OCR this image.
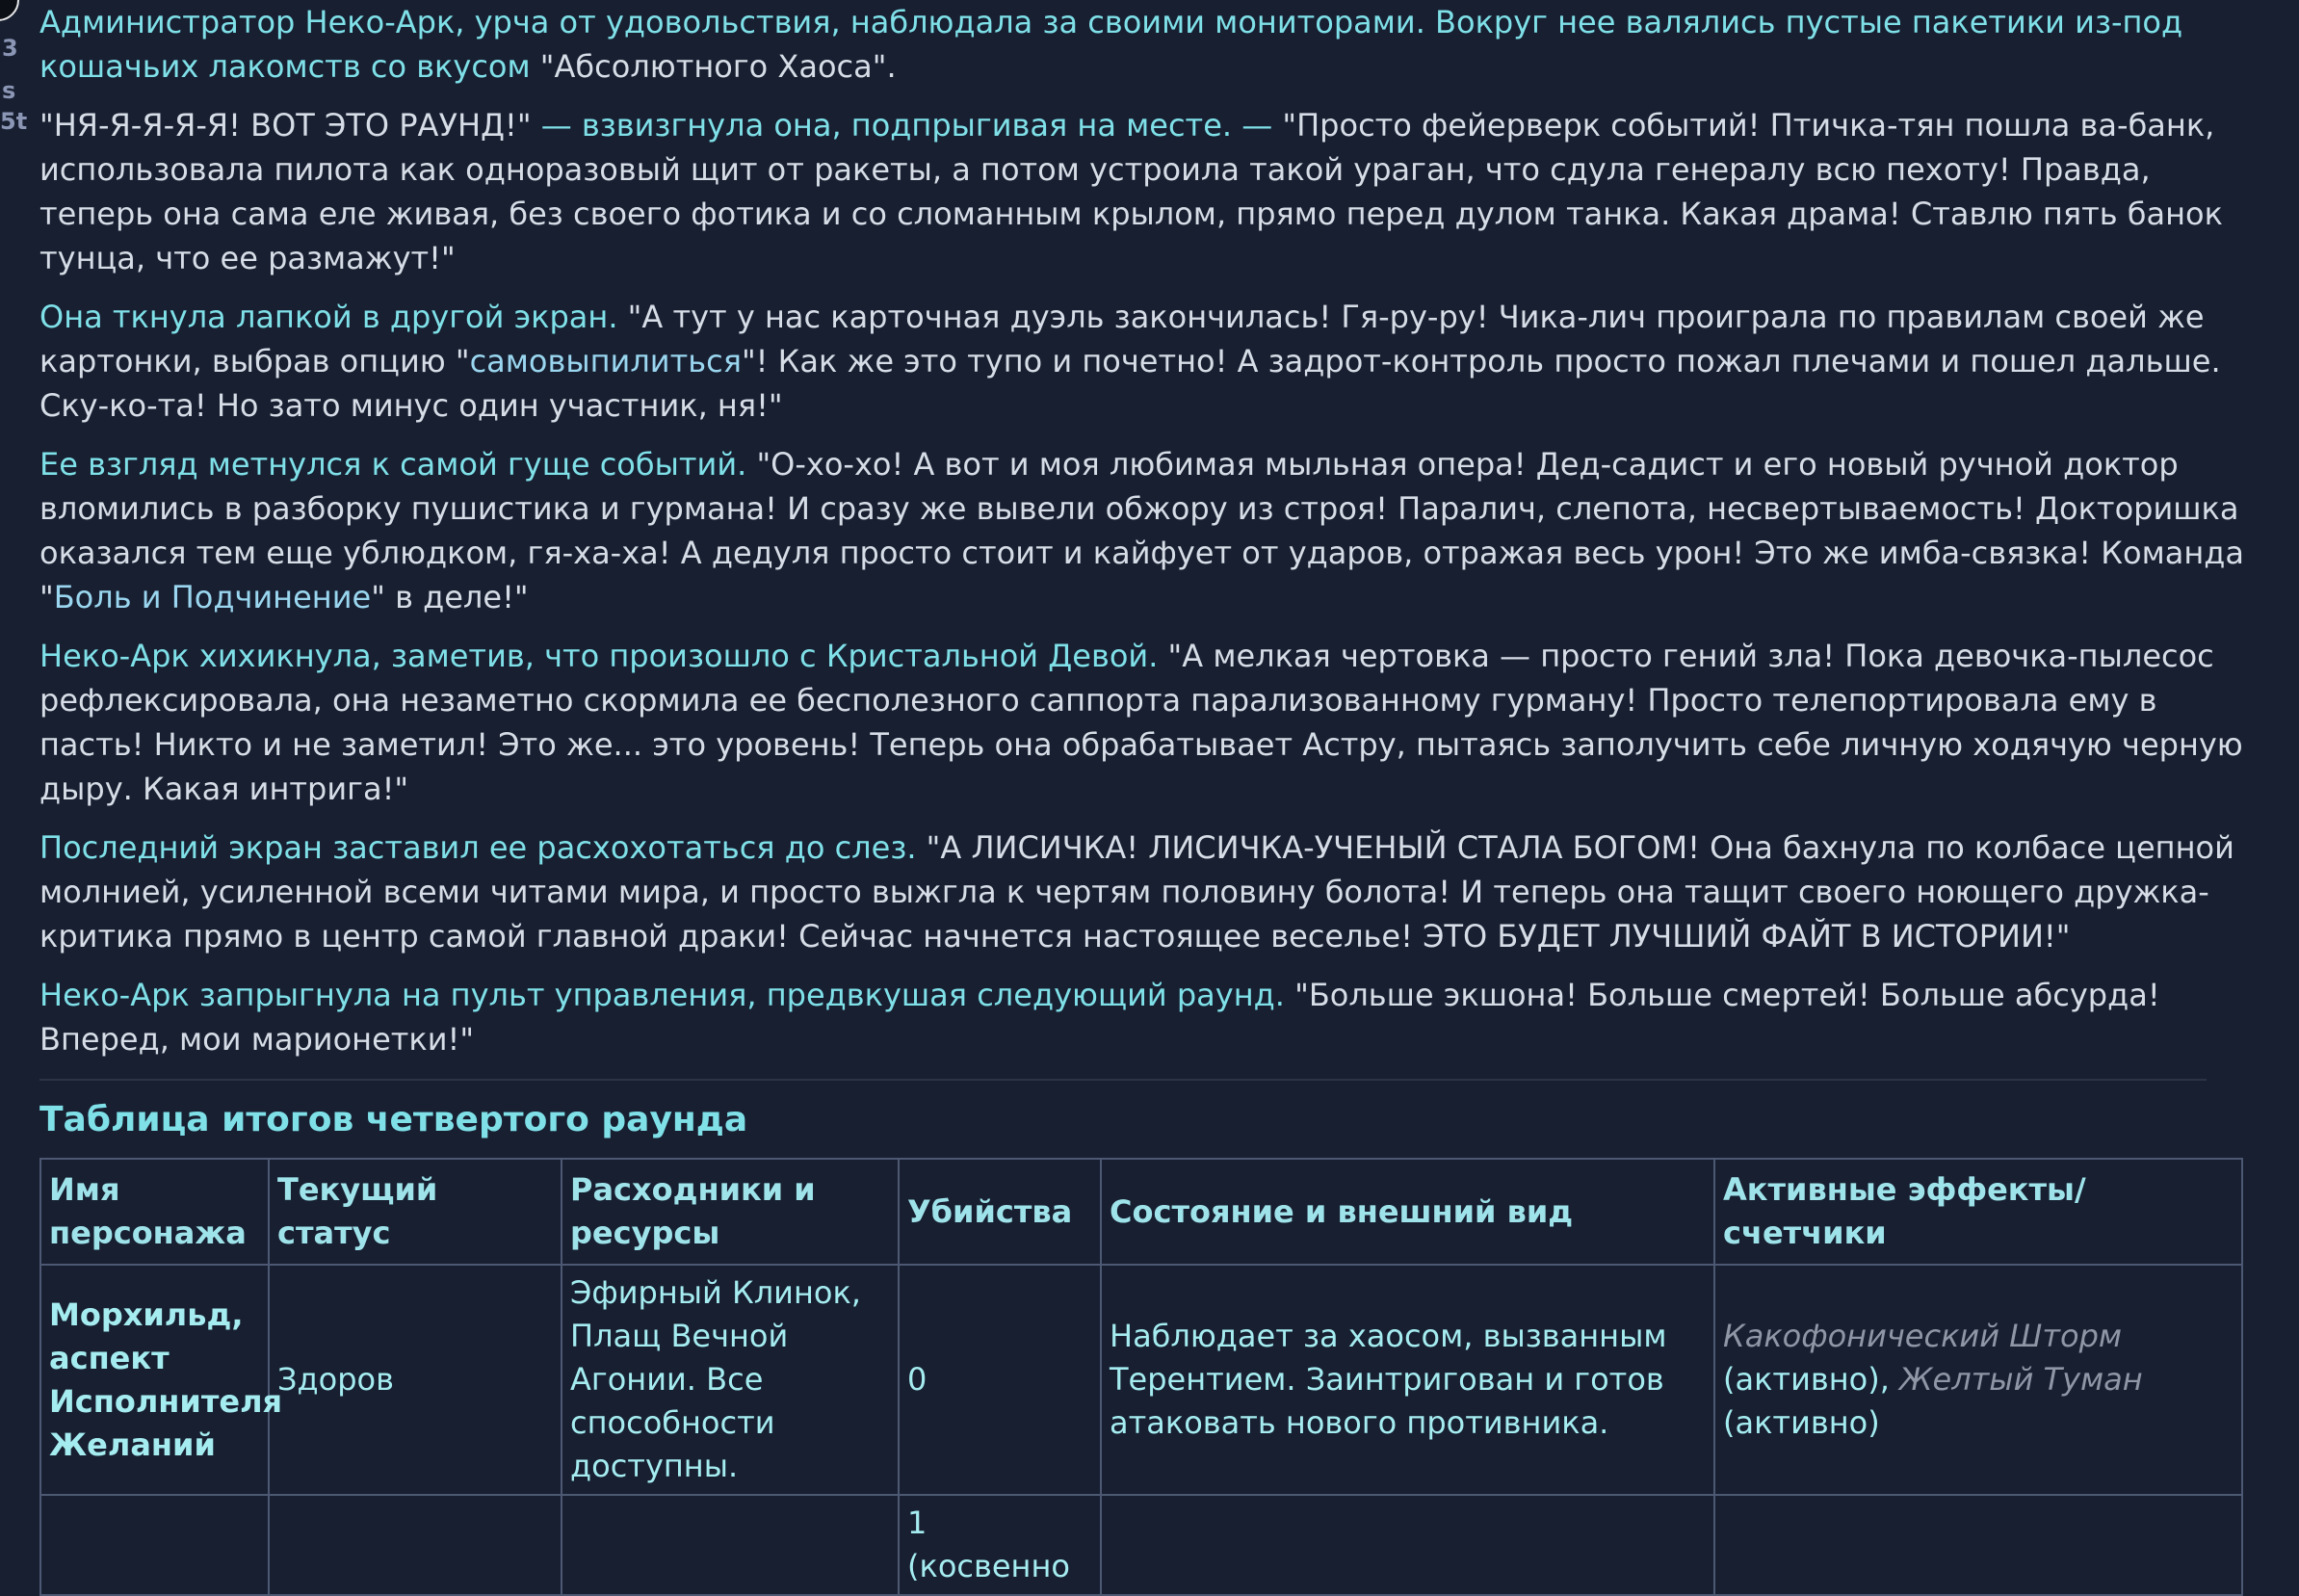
3
s
5t

Администратор Неко-Арк, урча от удовольствия, наблюдала за своими мониторами. Вокруг нее валялись пустые пакетики из-под кошачьих лакомств со вкусом "Абсолютного Хаоса".

"НЯ-Я-Я-Я-Я! ВОТ ЭТО РАУНД!" — взвизгнула она, подпрыгивая на месте. — "Просто фейерверк событий! Птичка-тян пошла ва-банк, использовала пилота как одноразовый щит от ракеты, а потом устроила такой ураган, что сдула генералу всю пехоту! Правда, теперь она сама еле живая, без своего фотика и со сломанным крылом, прямо перед дулом танка. Какая драма! Ставлю пять банок тунца, что ее размажут!"

Она ткнула лапкой в другой экран. "А тут у нас карточная дуэль закончилась! Гя-ру-ру! Чика-лич проиграла по правилам своей же картонки, выбрав опцию "самовыпилиться"! Как же это тупо и почетно! А задрот-контроль просто пожал плечами и пошел дальше. Ску-ко-та! Но зато минус один участник, ня!"

Ее взгляд метнулся к самой гуще событий. "О-хо-хо! А вот и моя любимая мыльная опера! Дед-садист и его новый ручной доктор вломились в разборку пушистика и гурмана! И сразу же вывели обжору из строя! Паралич, слепота, несвертываемость! Докторишка оказался тем еще ублюдком, гя-ха-ха! А дедуля просто стоит и кайфует от ударов, отражая весь урон! Это же имба-связка! Команда "Боль и Подчинение" в деле!"

Неко-Арк хихикнула, заметив, что произошло с Кристальной Девой. "А мелкая чертовка — просто гений зла! Пока девочка-пылесос рефлексировала, она незаметно скормила ее бесполезного саппорта парализованному гурману! Просто телепортировала ему в пасть! Никто и не заметил! Это же... это уровень! Теперь она обрабатывает Астру, пытаясь заполучить себе личную ходячую черную дыру. Какая интрига!"

Последний экран заставил ее расхохотаться до слез. "А ЛИСИЧКА! ЛИСИЧКА-УЧЕНЫЙ СТАЛА БОГОМ! Она бахнула по колбасе цепной молнией, усиленной всеми читами мира, и просто выжгла к чертям половину болота! И теперь она тащит своего ноющего дружка-критика прямо в центр самой главной драки! Сейчас начнется настоящее веселье! ЭТО БУДЕТ ЛУЧШИЙ ФАЙТ В ИСТОРИИ!"

Неко-Арк запрыгнула на пульт управления, предвкушая следующий раунд. "Больше экшона! Больше смертей! Больше абсурда! Вперед, мои марионетки!"

Таблица итогов четвертого раунда
Имя персонажа	Текущий статус	Расходники и ресурсы	Убийства	Состояние и внешний вид	Активные эффекты/счетчики
Морхильд, аспект Исполнителя Желаний	Здоров	Эфирный Клинок, Плащ Вечной Агонии. Все способности доступны.	0	Наблюдает за хаосом, вызванным Терентием. Заинтригован и готов атаковать нового противника.	Какофонический Шторм (активно), Желтый Туман (активно)
			1 (косвенно		
